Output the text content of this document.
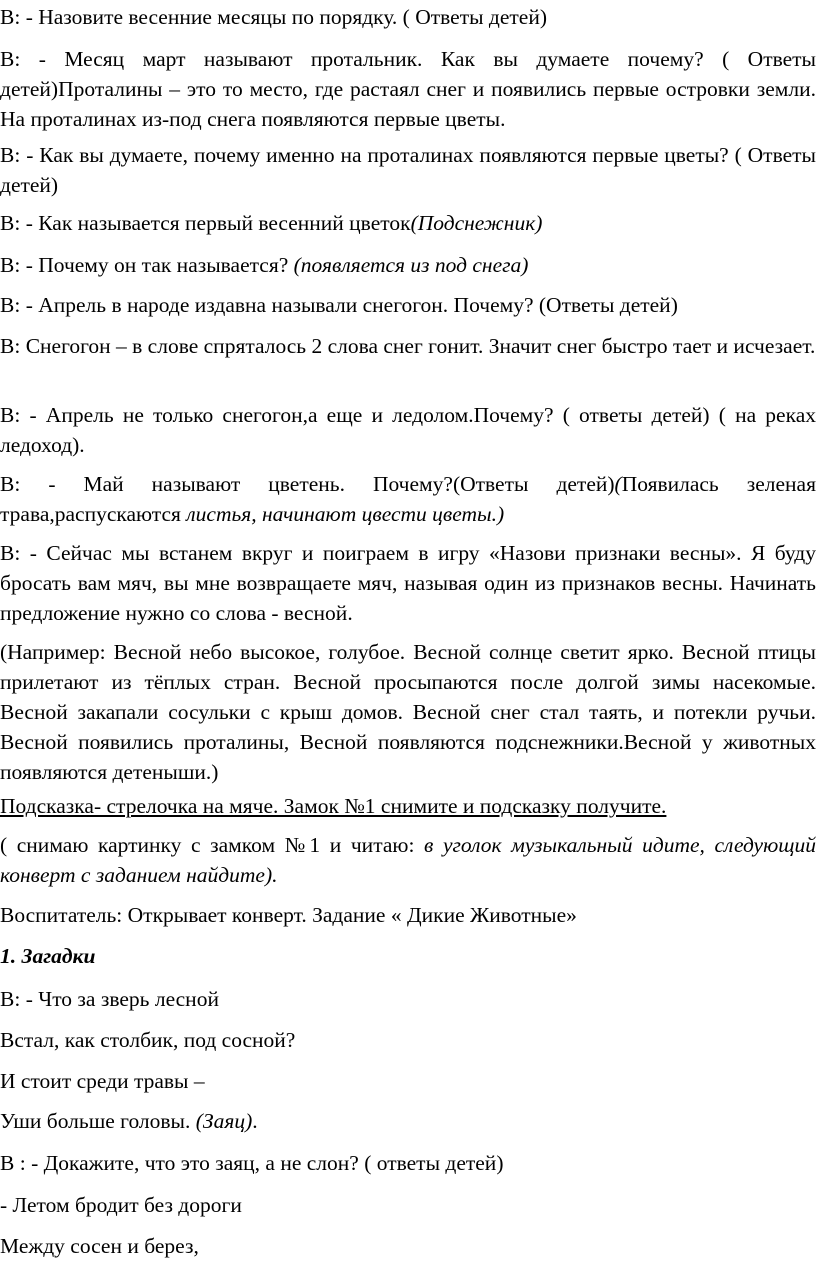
В: - Назовите весенние месяцы по порядку. ( Ответы детей)

В: - Месяц март называют протальник. Как вы думаете почему? ( Ответы детей)Проталины – это то место, где растаял снег и появились первые островки земли. На проталинах из-под снега появляются первые цветы.

В: - Как вы думаете, почему именно на проталинах появляются первые цветы? ( Ответы детей)

В: - Как называется первый весенний цветок(Подснежник)

В: - Почему он так называется? (появляется из под снега)

В: - Апрель в народе издавна называли снегогон. Почему? (Ответы детей)

В: Снегогон – в слове спряталось 2 слова снег гонит. Значит снег быстро тает и исчезает.

В: - Апрель не только снегогон,а еще и ледолом.Почему? ( ответы детей) ( на реках ледоход).

В: - Май называют цветень. Почему?(Ответы детей)(Появилась зеленая трава,распускаются листья, начинают цвести цветы.)

В: - Сейчас мы встанем вкруг и поиграем в игру «Назови признаки весны». Я буду бросать вам мяч, вы мне возвращаете мяч, называя один из признаков весны. Начинать предложение нужно со слова - весной.

(Например: Весной небо высокое, голубое. Весной солнце светит ярко. Весной птицы прилетают из тёплых стран. Весной просыпаются после долгой зимы насекомые. Весной закапали сосульки с крыш домов. Весной снег стал таять, и потекли ручьи. Весной появились проталины, Весной появляются подснежники.Весной у животных появляются детеныши.)

Подсказка- стрелочка на мяче. Замок №1 снимите и подсказку получите.

( снимаю картинку с замком №1 и читаю: в уголок музыкальный идите, следующий конверт с заданием найдите).

Воспитатель: Открывает конверт. Задание « Дикие Животные»

1. Загадки

В: - Что за зверь лесной

Встал, как столбик, под сосной?

И стоит среди травы –

Уши больше головы. (Заяц).

В : - Докажите, что это заяц, а не слон? ( ответы детей)

- Летом бродит без дороги

Между сосен и берез,
